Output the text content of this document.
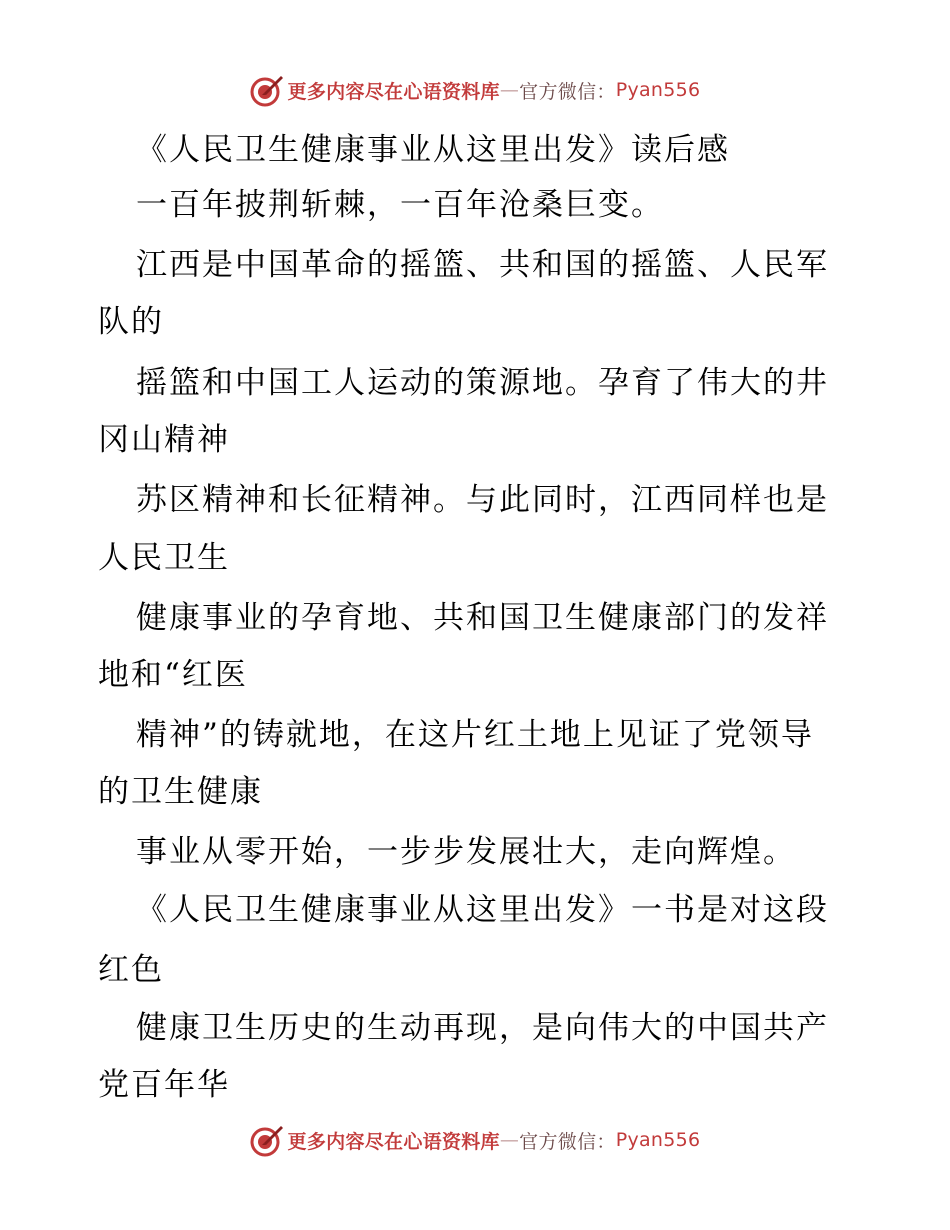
更多内容尽在心语资料库 — 官方微信： Pyan556
《人民卫生健康事业从这里出发》读后感
一百年披荆斩棘，一百年沧桑巨变。
江西是中国革命的摇篮、共和国的摇篮、人民军
队的
摇篮和中国工人运动的策源地。孕育了伟大的井
冈山精神
苏区精神和长征精神。与此同时，江西同样也是
人民卫生
健康事业的孕育地、共和国卫生健康部门的发祥
地和“红医
精神”的铸就地，在这片红土地上见证了党领导
的卫生健康
事业从零开始，一步步发展壮大，走向辉煌。
《人民卫生健康事业从这里出发》一书是对这段
红色
健康卫生历史的生动再现，是向伟大的中国共产
党百年华
更多内容尽在心语资料库 — 官方微信： Pyan556
